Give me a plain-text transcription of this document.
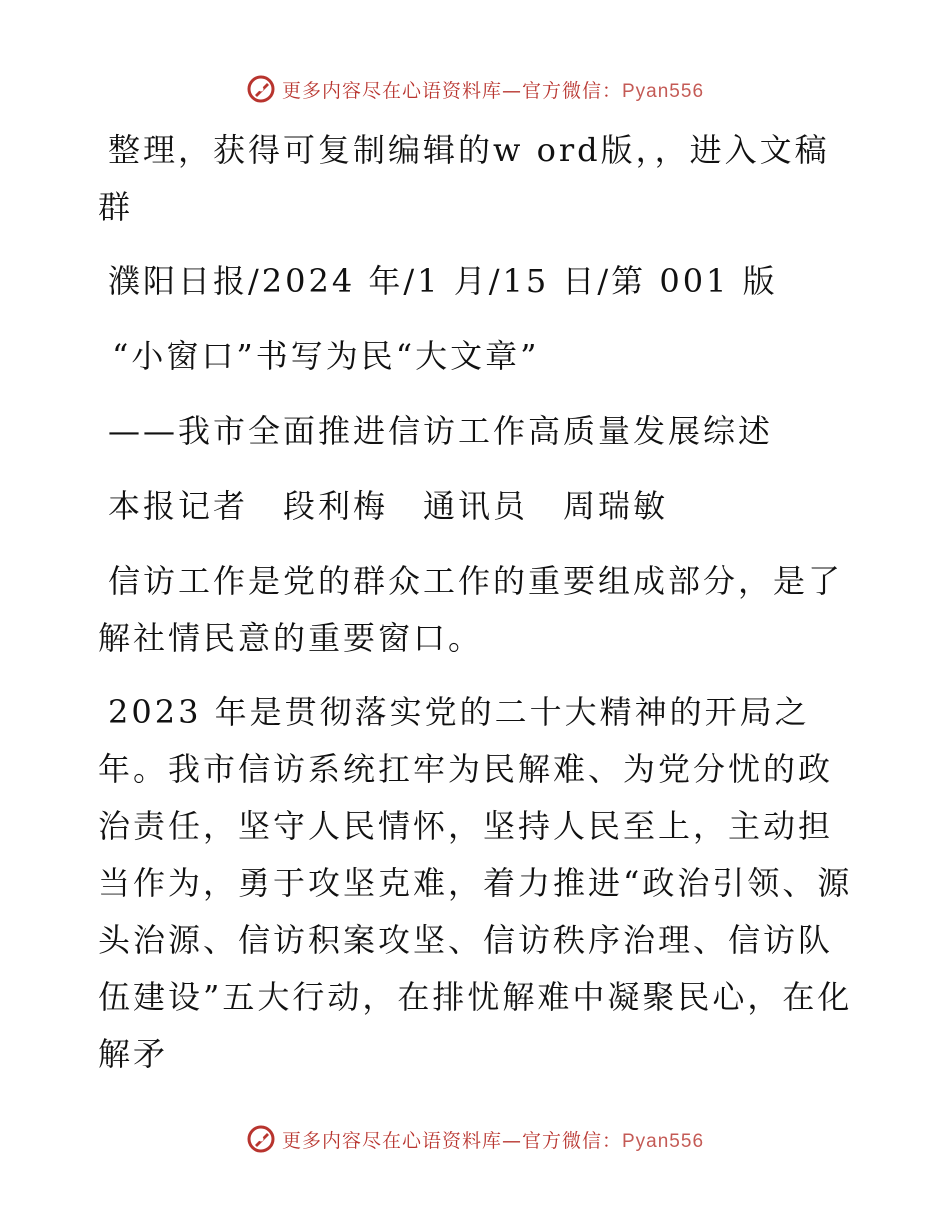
更多内容尽在心语资料库—官方微信：Pyan556

整理，获得可复制编辑的w ord版，，进入文稿群

濮阳日报/2024 年/1 月/15 日/第 001 版

“小窗口”书写为民“大文章”

——我市全面推进信访工作高质量发展综述

本报记者　段利梅　通讯员　周瑞敏

信访工作是党的群众工作的重要组成部分，是了解社情民意的重要窗口。

2023 年是贯彻落实党的二十大精神的开局之年。我市信访系统扛牢为民解难、为党分忧的政治责任，坚守人民情怀，坚持人民至上，主动担当作为，勇于攻坚克难，着力推进“政治引领、源头治源、信访积案攻坚、信访秩序治理、信访队伍建设”五大行动，在排忧解难中凝聚民心，在化解矛

更多内容尽在心语资料库—官方微信：Pyan556
